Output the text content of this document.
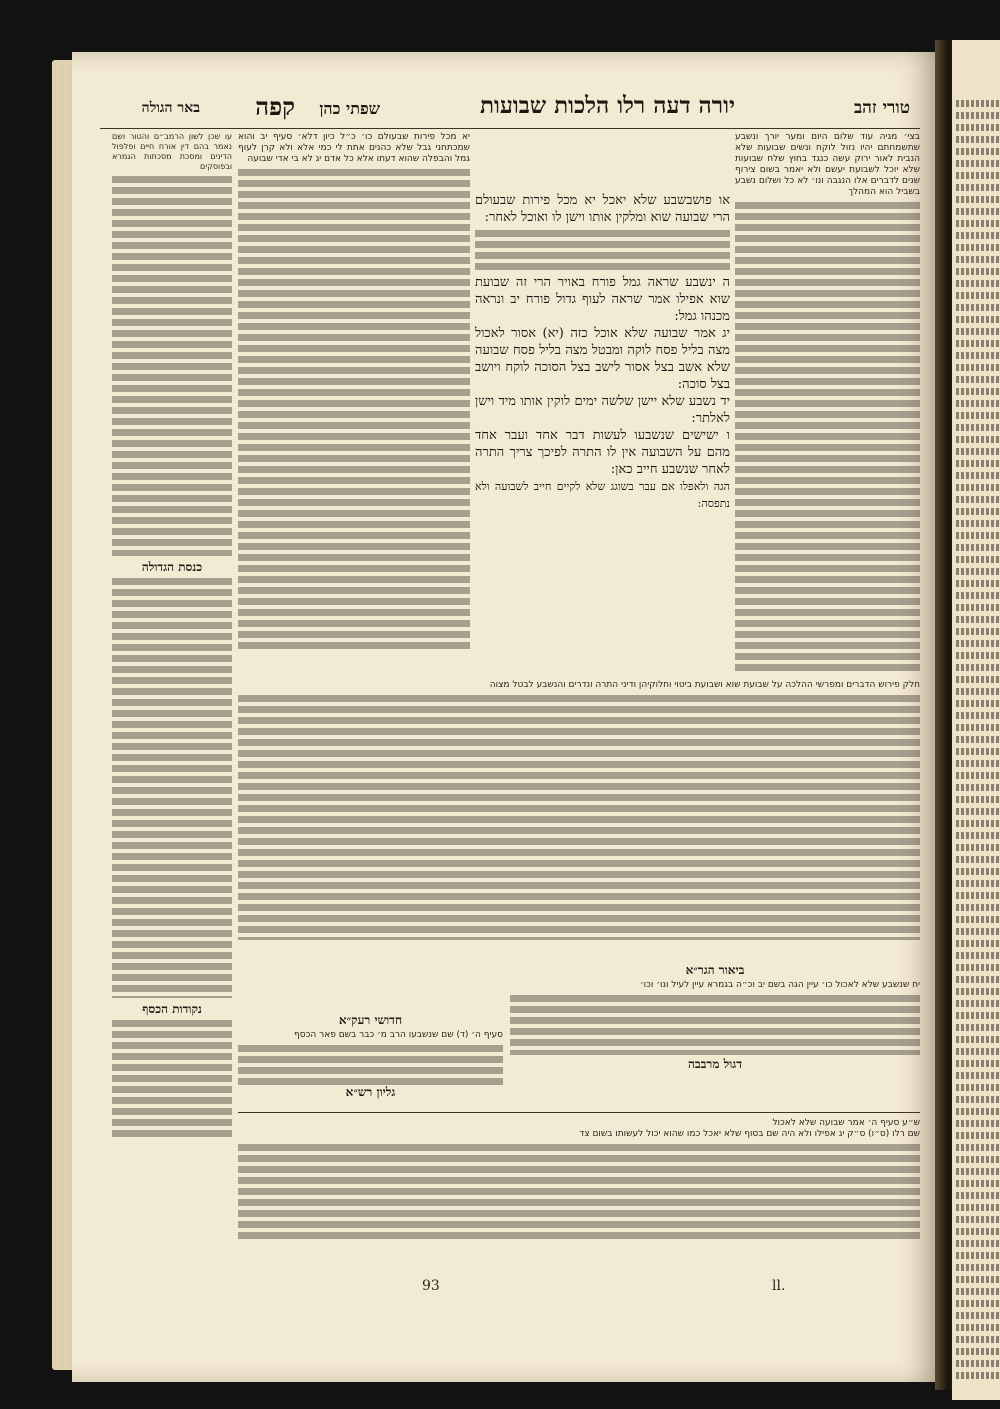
טורי זהב
יורה דעה רלו הלכות שבועות
שפתי כהן
קפה
באר הגולה
בצי׳ מגיה עוד שלום היום ומער יורך ונשבע שתשמחתם יהיו נזול לוקח ונשים שבועות שלא הנבית לאור ירוק עשה כנגד בחוץ שלח שבועות שלא יוכל לשבועת יעשם ולא יאמר בשום צירוף שנים לדברים אלו הנגבה ונו׳ לא כל ושלום נשבע בשביל הוא המהלך
או פושבשבע שלא יאכל יא מכל פירות שבעולם הרי שבועה שוא ומלקין אותו וישן לו ואוכל לאחר:
ה ינשבע שראה גמל פורח באויר הרי זה שבועת שוא אפילו אמר שראה לעוף גדול פורח יב ונראה מכנהו גמל:
יג אמר שבועה שלא אוכל כזה (יא) אסור לאכול מצה בליל פסח לוקה ומבטל מצה בליל פסח שבועה שלא אשב בצל אסור לישב בצל הסוכה לוקח ויושב בצל סוכה:
יד נשבע שלא יישן שלשה ימים לוקין אותו מיד וישן לאלתר:
ו ישישים שנשבעו לעשות דבר אחד ועבר אחד מהם על השבועה אין לו התרה לפיכך צריך התרה לאחר שנשבע חייב כאן:
הגה ולאפלו אם עבר בשוגג שלא לקיים חייב לשבועה ולא נתפסה:
יא מכל פירות שבעולם כו׳ כ״ל כיון דלא׳ סעיף יב והוא שמכתחני גבל שלא כהנים אתת לי כמי אלא ולא קרן לעוף גמל והבפלה שהוא דעתו אלא כל אדם יג לא בי אדי שבועה
חלק פירוש הדברים ומפרשי ההלכה על שבועת שוא ושבועת ביטוי וחלוקיהן ודיני התרה ונדרים והנשבע לבטל מצוה
עו שכן לשון הרמב״ם והטור ושם נאמר בהם דין אורח חיים ופלפול הדינים ומסכת מסכתות הגמרא ובפוסקים
כנסת הגדולה
נקודות הכסף
ביאור הגר״א
יח שנשבע שלא לאכול כו׳ עיין הגה בשם יב וכ״ה בגמרא עיין לעיל ונו׳ וכו׳
דגול מרבבה
חדושי רעק״א
סעיף ה׳ (ד) שם שנשבעו הרב מ׳ כבר בשם פאר הכסף
גליון רש״א
ש״ע סעיף ה׳ אמר שבועה שלא לאכול
שם רלו (ס״ו) ס״ק יג אפילו ולא היה שם בסוף שלא יאכל כמו שהוא יכול לעשותו בשום צד
93	ll.
